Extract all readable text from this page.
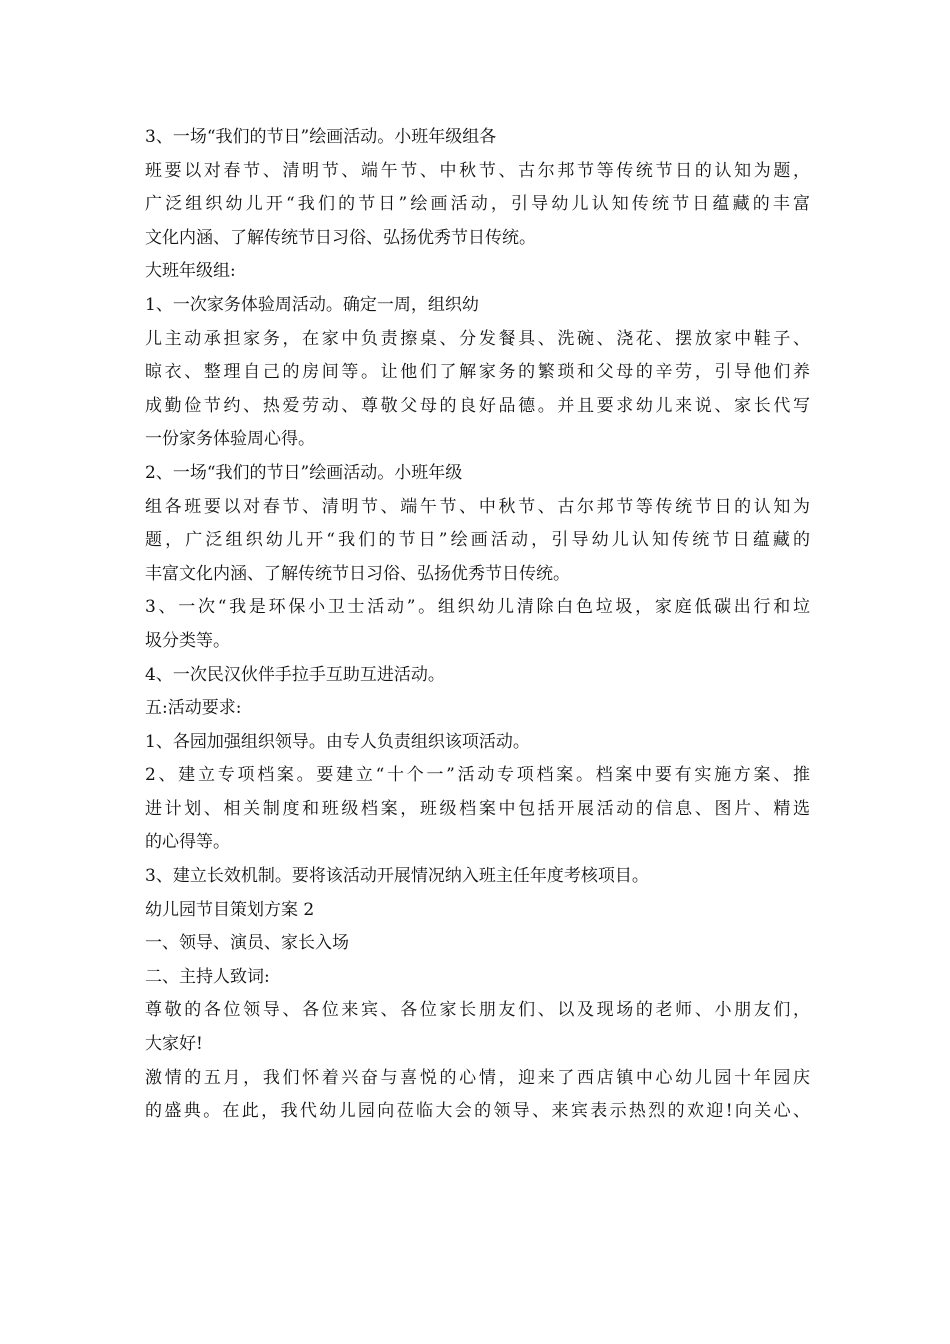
3、一场“我们的节日”绘画活动。小班年级组各
班要以对春节、清明节、端午节、中秋节、古尔邦节等传统节日的认知为题，
广泛组织幼儿开“我们的节日”绘画活动，引导幼儿认知传统节日蕴藏的丰富
文化内涵、了解传统节日习俗、弘扬优秀节日传统。
大班年级组:
1、一次家务体验周活动。确定一周，组织幼
儿主动承担家务，在家中负责擦桌、分发餐具、洗碗、浇花、摆放家中鞋子、
晾衣、整理自己的房间等。让他们了解家务的繁琐和父母的辛劳，引导他们养
成勤俭节约、热爱劳动、尊敬父母的良好品德。并且要求幼儿来说、家长代写
一份家务体验周心得。
2、一场“我们的节日”绘画活动。小班年级
组各班要以对春节、清明节、端午节、中秋节、古尔邦节等传统节日的认知为
题，广泛组织幼儿开“我们的节日”绘画活动，引导幼儿认知传统节日蕴藏的
丰富文化内涵、了解传统节日习俗、弘扬优秀节日传统。
3、一次“我是环保小卫士活动”。组织幼儿清除白色垃圾，家庭低碳出行和垃
圾分类等。
4、一次民汉伙伴手拉手互助互进活动。
五:活动要求:
1、各园加强组织领导。由专人负责组织该项活动。
2、建立专项档案。要建立“十个一”活动专项档案。档案中要有实施方案、推
进计划、相关制度和班级档案，班级档案中包括开展活动的信息、图片、精选
的心得等。
3、建立长效机制。要将该活动开展情况纳入班主任年度考核项目。
幼儿园节目策划方案 2
一、领导、演员、家长入场
二、主持人致词:
尊敬的各位领导、各位来宾、各位家长朋友们、以及现场的老师、小朋友们，
大家好!
激情的五月，我们怀着兴奋与喜悦的心情，迎来了西店镇中心幼儿园十年园庆
的盛典。在此，我代幼儿园向莅临大会的领导、来宾表示热烈的欢迎!向关心、
